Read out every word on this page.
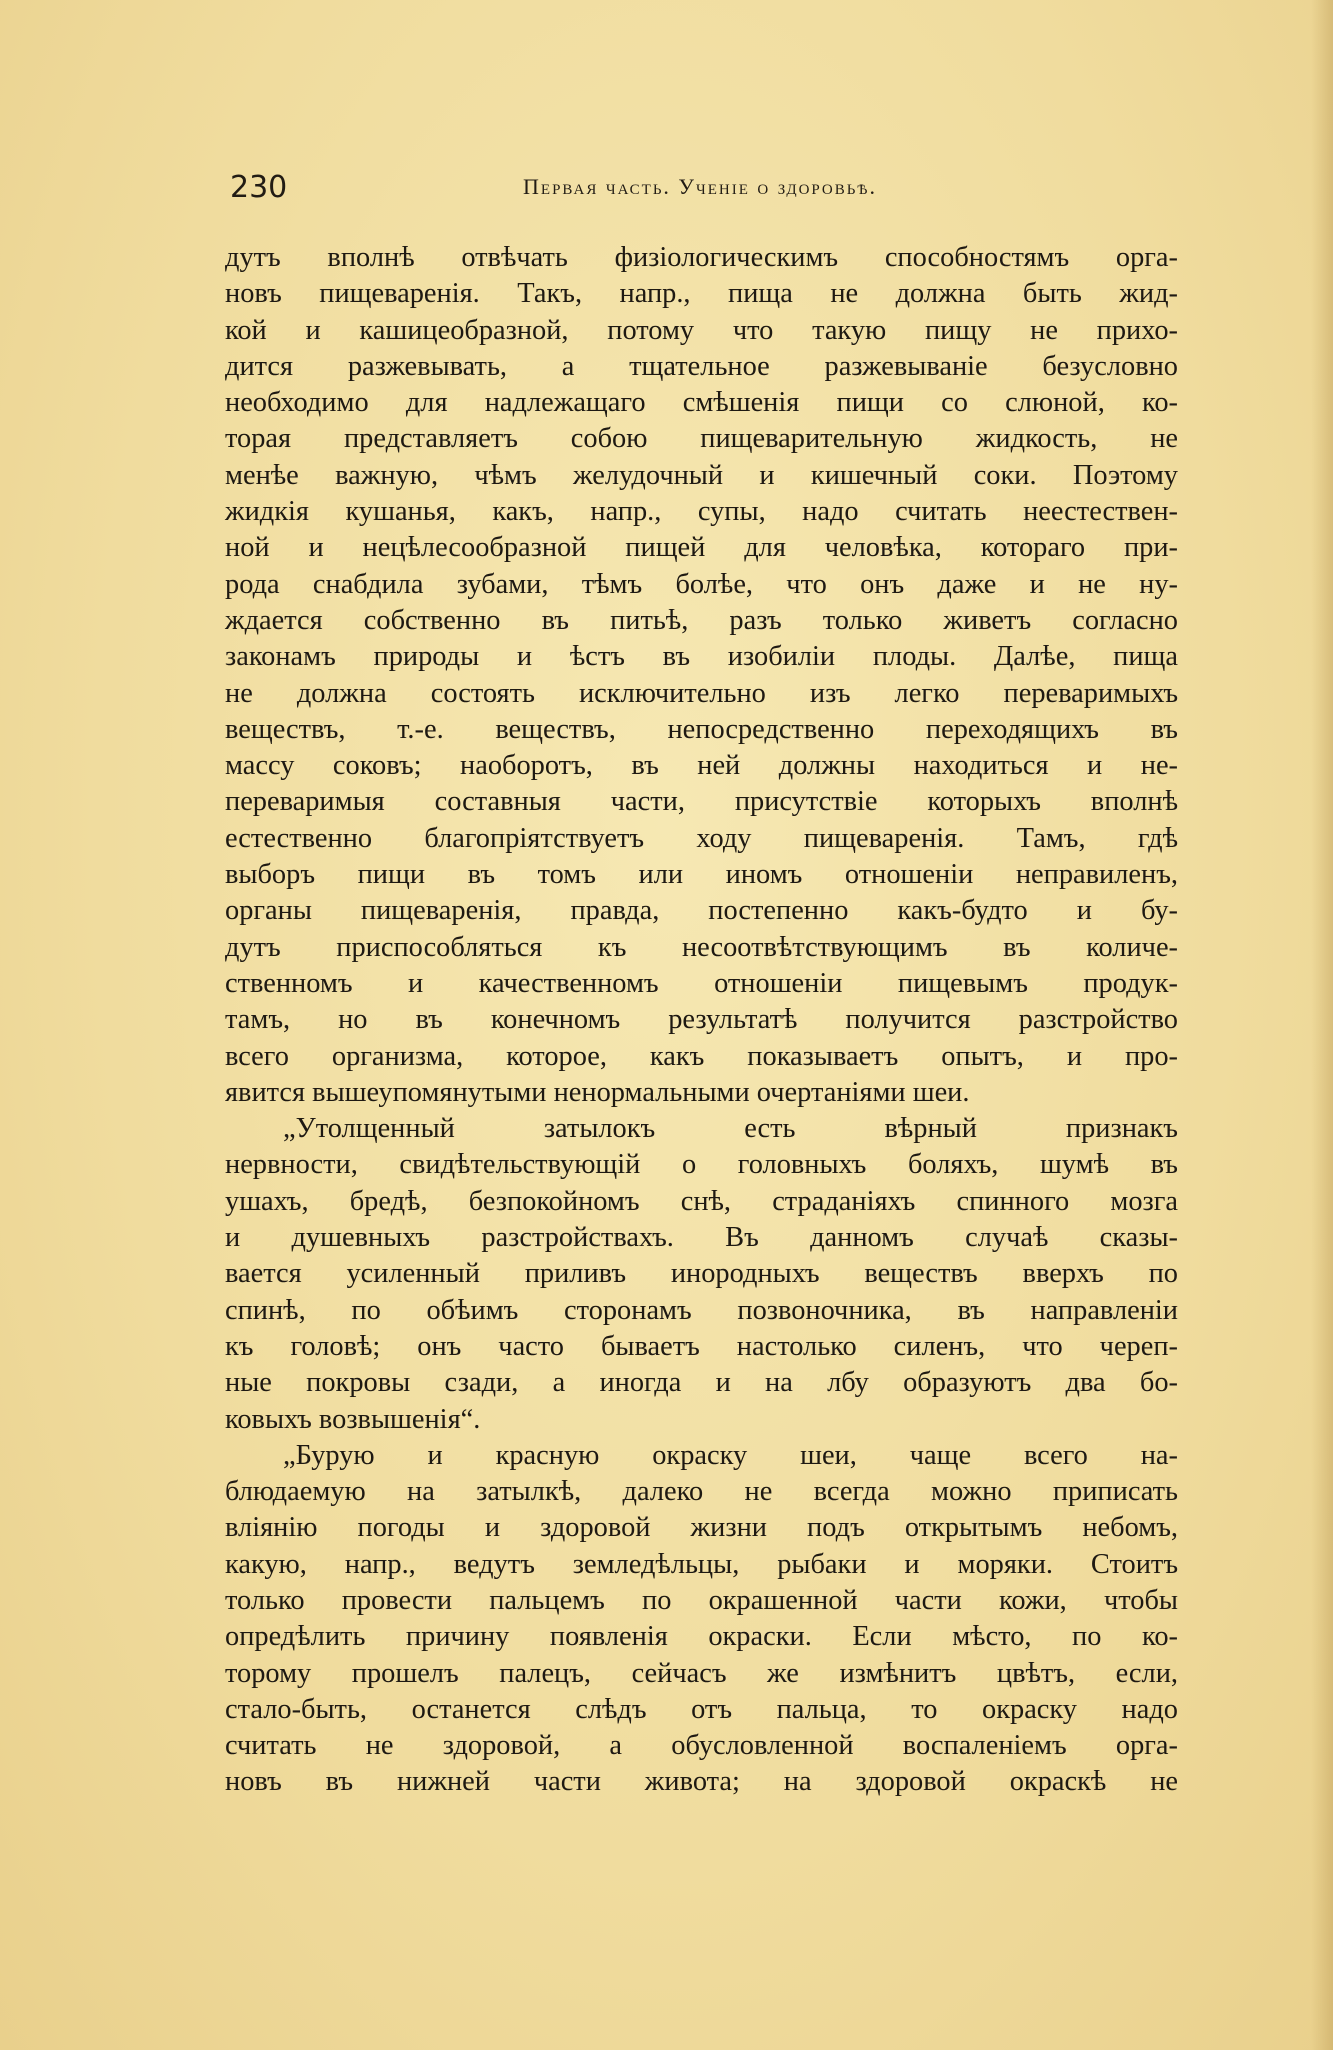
230	Первая часть. Ученіе о здоровьѣ.

дутъ вполнѣ отвѣчать физіологическимъ способностямъ орга-
новъ пищеваренія. Такъ, напр., пища не должна быть жид-
кой и кашицеобразной, потому что такую пищу не прихо-
дится разжевывать, а тщательное разжевываніе безусловно
необходимо для надлежащаго смѣшенія пищи со слюной, ко-
торая представляетъ собою пищеварительную жидкость, не
менѣе важную, чѣмъ желудочный и кишечный соки. Поэтому
жидкія кушанья, какъ, напр., супы, надо считать неестествен-
ной и нецѣлесообразной пищей для человѣка, котораго при-
рода снабдила зубами, тѣмъ болѣе, что онъ даже и не ну-
ждается собственно въ питьѣ, разъ только живетъ согласно
законамъ природы и ѣстъ въ изобиліи плоды. Далѣе, пища
не должна состоять исключительно изъ легко переваримыхъ
веществъ, т.-е. веществъ, непосредственно переходящихъ въ
массу соковъ; наоборотъ, въ ней должны находиться и не-
переваримыя составныя части, присутствіе которыхъ вполнѣ
естественно благопріятствуетъ ходу пищеваренія. Тамъ, гдѣ
выборъ пищи въ томъ или иномъ отношеніи неправиленъ,
органы пищеваренія, правда, постепенно какъ-будто и бу-
дутъ приспособляться къ несоотвѣтствующимъ въ количе-
ственномъ и качественномъ отношеніи пищевымъ продук-
тамъ, но въ конечномъ результатѣ получится разстройство
всего организма, которое, какъ показываетъ опытъ, и про-
явится вышеупомянутыми ненормальными очертаніями шеи.

„Утолщенный затылокъ есть вѣрный признакъ
нервности, свидѣтельствующій о головныхъ боляхъ, шумѣ въ
ушахъ, бредѣ, безпокойномъ снѣ, страданіяхъ спинного мозга
и душевныхъ разстройствахъ. Въ данномъ случаѣ сказы-
вается усиленный приливъ инородныхъ веществъ вверхъ по
спинѣ, по обѣимъ сторонамъ позвоночника, въ направленіи
къ головѣ; онъ часто бываетъ настолько силенъ, что череп-
ные покровы сзади, а иногда и на лбу образуютъ два бо-
ковыхъ возвышенія“.

„Бурую и красную окраску шеи, чаще всего на-
блюдаемую на затылкѣ, далеко не всегда можно приписать
вліянію погоды и здоровой жизни подъ открытымъ небомъ,
какую, напр., ведутъ земледѣльцы, рыбаки и моряки. Стоитъ
только провести пальцемъ по окрашенной части кожи, чтобы
опредѣлить причину появленія окраски. Если мѣсто, по ко-
торому прошелъ палецъ, сейчасъ же измѣнитъ цвѣтъ, если,
стало-быть, останется слѣдъ отъ пальца, то окраску надо
считать не здоровой, а обусловленной воспаленіемъ орга-
новъ въ нижней части живота; на здоровой окраскѣ не
